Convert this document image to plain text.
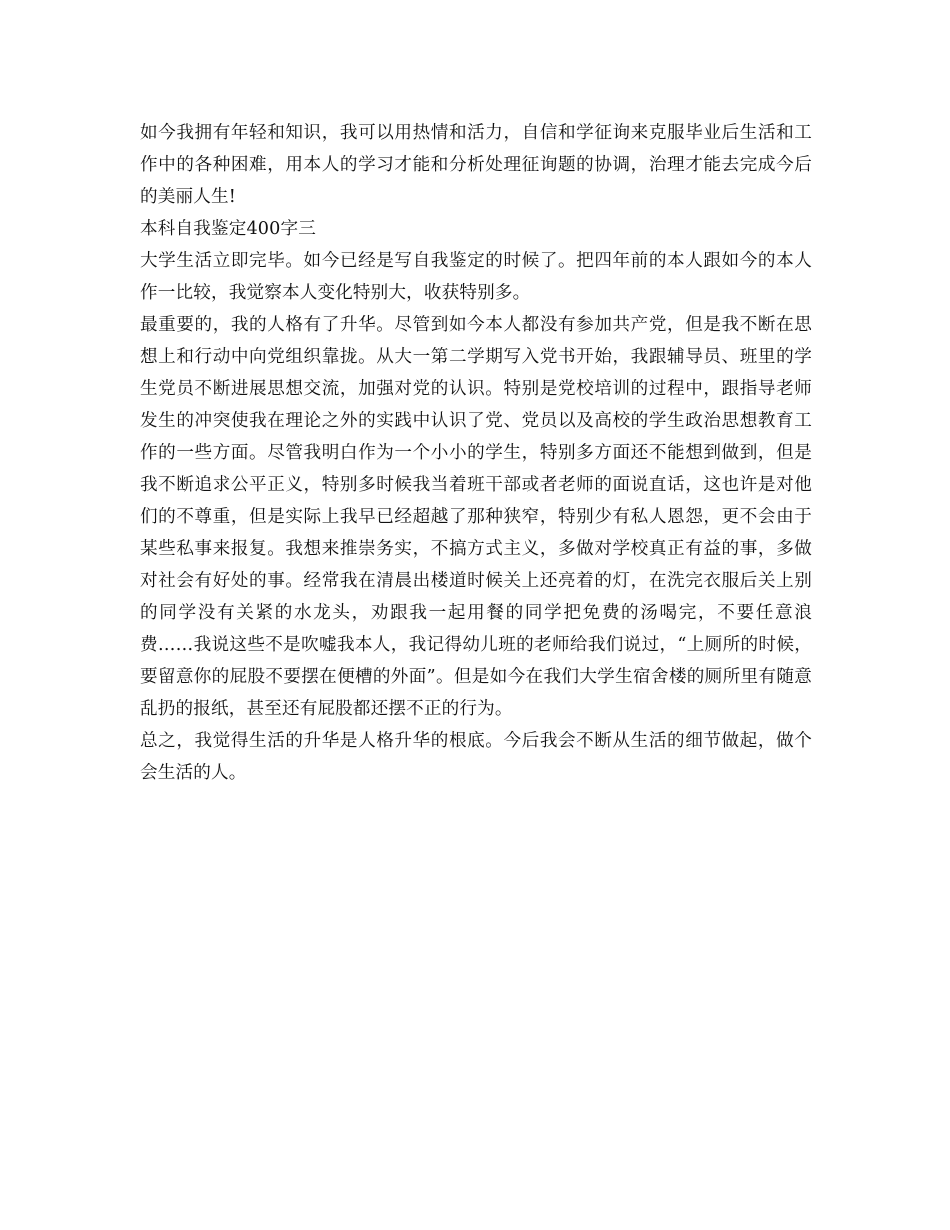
如今我拥有年轻和知识，我可以用热情和活力，自信和学征询来克服毕业后生活和工作中的各种困难，用本人的学习才能和分析处理征询题的协调，治理才能去完成今后的美丽人生!

本科自我鉴定400字三

大学生活立即完毕。如今已经是写自我鉴定的时候了。把四年前的本人跟如今的本人作一比较，我觉察本人变化特别大，收获特别多。

最重要的，我的人格有了升华。尽管到如今本人都没有参加共产党，但是我不断在思想上和行动中向党组织靠拢。从大一第二学期写入党书开始，我跟辅导员、班里的学生党员不断进展思想交流，加强对党的认识。特别是党校培训的过程中，跟指导老师发生的冲突使我在理论之外的实践中认识了党、党员以及高校的学生政治思想教育工作的一些方面。尽管我明白作为一个小小的学生，特别多方面还不能想到做到，但是我不断追求公平正义，特别多时候我当着班干部或者老师的面说直话，这也许是对他们的不尊重，但是实际上我早已经超越了那种狭窄，特别少有私人恩怨，更不会由于某些私事来报复。我想来推崇务实，不搞方式主义，多做对学校真正有益的事，多做对社会有好处的事。经常我在清晨出楼道时候关上还亮着的灯，在洗完衣服后关上别的同学没有关紧的水龙头，劝跟我一起用餐的同学把免费的汤喝完，不要任意浪费……我说这些不是吹嘘我本人，我记得幼儿班的老师给我们说过，“上厕所的时候，要留意你的屁股不要摆在便槽的外面”。但是如今在我们大学生宿舍楼的厕所里有随意乱扔的报纸，甚至还有屁股都还摆不正的行为。

总之，我觉得生活的升华是人格升华的根底。今后我会不断从生活的细节做起，做个会生活的人。
